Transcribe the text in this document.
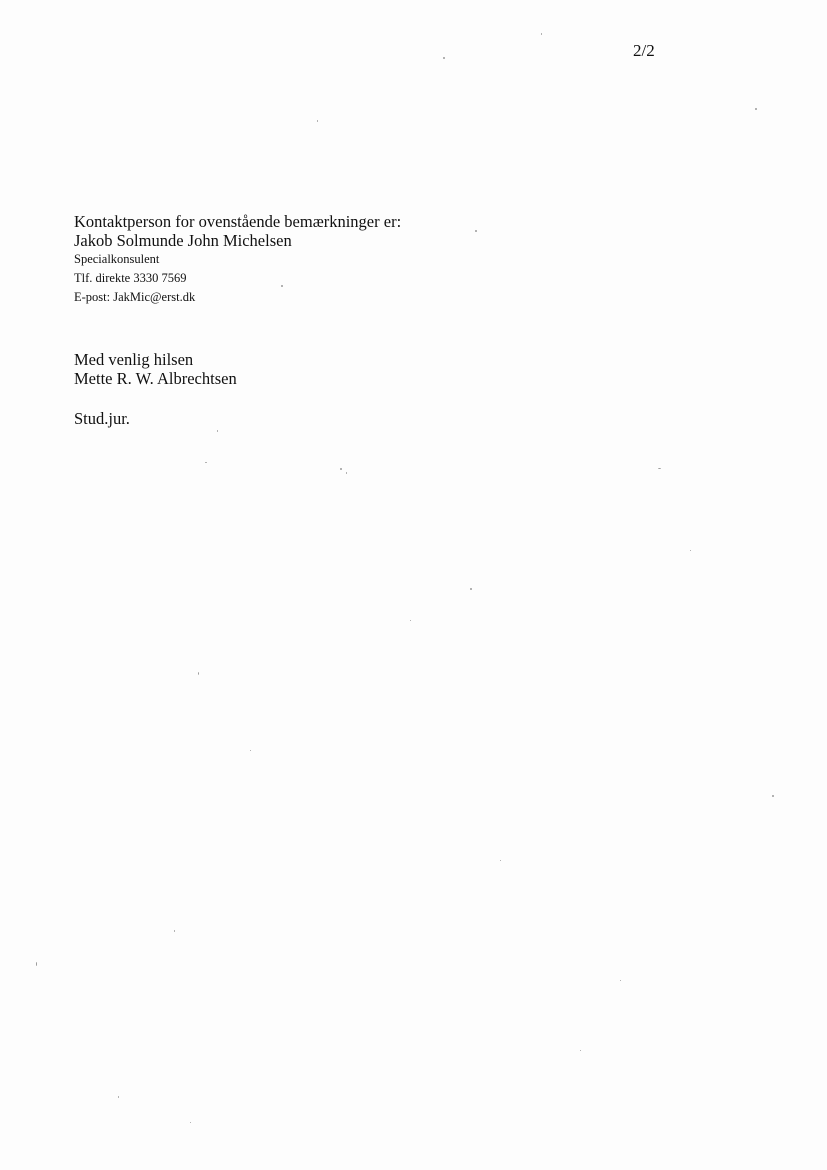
2/2
Kontaktperson for ovenstående bemærkninger er:
Jakob Solmunde John Michelsen
Specialkonsulent
Tlf. direkte 3330 7569
E-post: JakMic@erst.dk
Med venlig hilsen
Mette R. W. Albrechtsen
Stud.jur.
